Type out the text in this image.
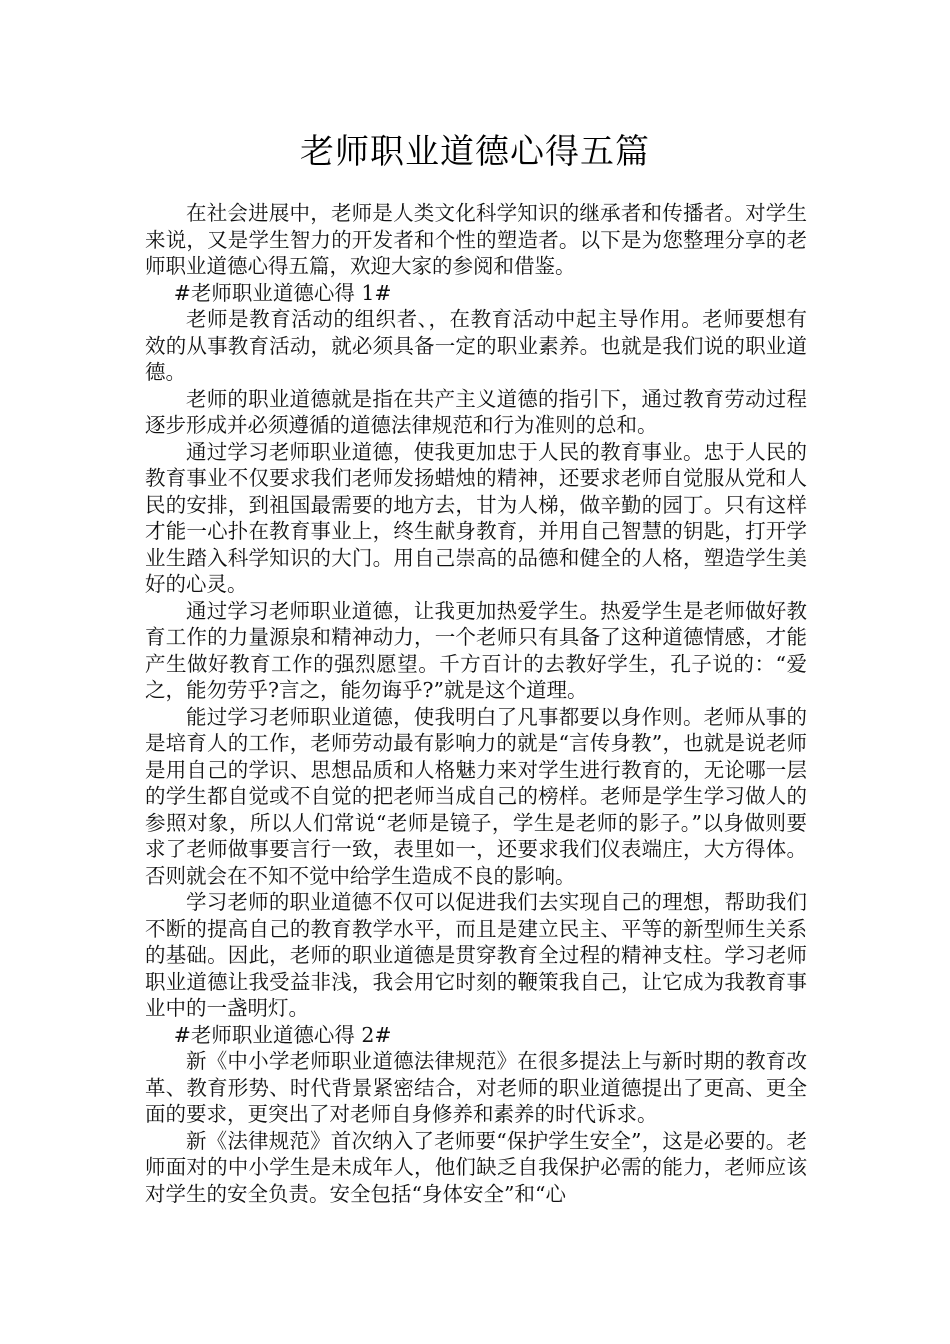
老师职业道德心得五篇

在社会进展中，老师是人类文化科学知识的继承者和传播者。对学生来说，又是学生智力的开发者和个性的塑造者。以下是为您整理分享的老师职业道德心得五篇，欢迎大家的参阅和借鉴。

#老师职业道德心得 1#

老师是教育活动的组织者、，在教育活动中起主导作用。老师要想有效的从事教育活动，就必须具备一定的职业素养。也就是我们说的职业道德。

老师的职业道德就是指在共产主义道德的指引下，通过教育劳动过程逐步形成并必须遵循的道德法律规范和行为准则的总和。

通过学习老师职业道德，使我更加忠于人民的教育事业。忠于人民的教育事业不仅要求我们老师发扬蜡烛的精神，还要求老师自觉服从党和人民的安排，到祖国最需要的地方去，甘为人梯，做辛勤的园丁。只有这样才能一心扑在教育事业上，终生献身教育，并用自己智慧的钥匙，打开学业生踏入科学知识的大门。用自己崇高的品德和健全的人格，塑造学生美好的心灵。

通过学习老师职业道德，让我更加热爱学生。热爱学生是老师做好教育工作的力量源泉和精神动力，一个老师只有具备了这种道德情感，才能产生做好教育工作的强烈愿望。千方百计的去教好学生，孔子说的：“爱之，能勿劳乎?言之，能勿诲乎?”就是这个道理。

能过学习老师职业道德，使我明白了凡事都要以身作则。老师从事的是培育人的工作，老师劳动最有影响力的就是“言传身教”，也就是说老师是用自己的学识、思想品质和人格魅力来对学生进行教育的，无论哪一层的学生都自觉或不自觉的把老师当成自己的榜样。老师是学生学习做人的参照对象，所以人们常说“老师是镜子，学生是老师的影子。”以身做则要求了老师做事要言行一致，表里如一，还要求我们仪表端庄，大方得体。否则就会在不知不觉中给学生造成不良的影响。

学习老师的职业道德不仅可以促进我们去实现自己的理想，帮助我们不断的提高自己的教育教学水平，而且是建立民主、平等的新型师生关系的基础。因此，老师的职业道德是贯穿教育全过程的精神支柱。学习老师职业道德让我受益非浅，我会用它时刻的鞭策我自己，让它成为我教育事业中的一盏明灯。

#老师职业道德心得 2#

新《中小学老师职业道德法律规范》在很多提法上与新时期的教育改革、教育形势、时代背景紧密结合，对老师的职业道德提出了更高、更全面的要求，更突出了对老师自身修养和素养的时代诉求。

新《法律规范》首次纳入了老师要“保护学生安全”，这是必要的。老师面对的中小学生是未成年人，他们缺乏自我保护必需的能力，老师应该对学生的安全负责。安全包括“身体安全”和“心
